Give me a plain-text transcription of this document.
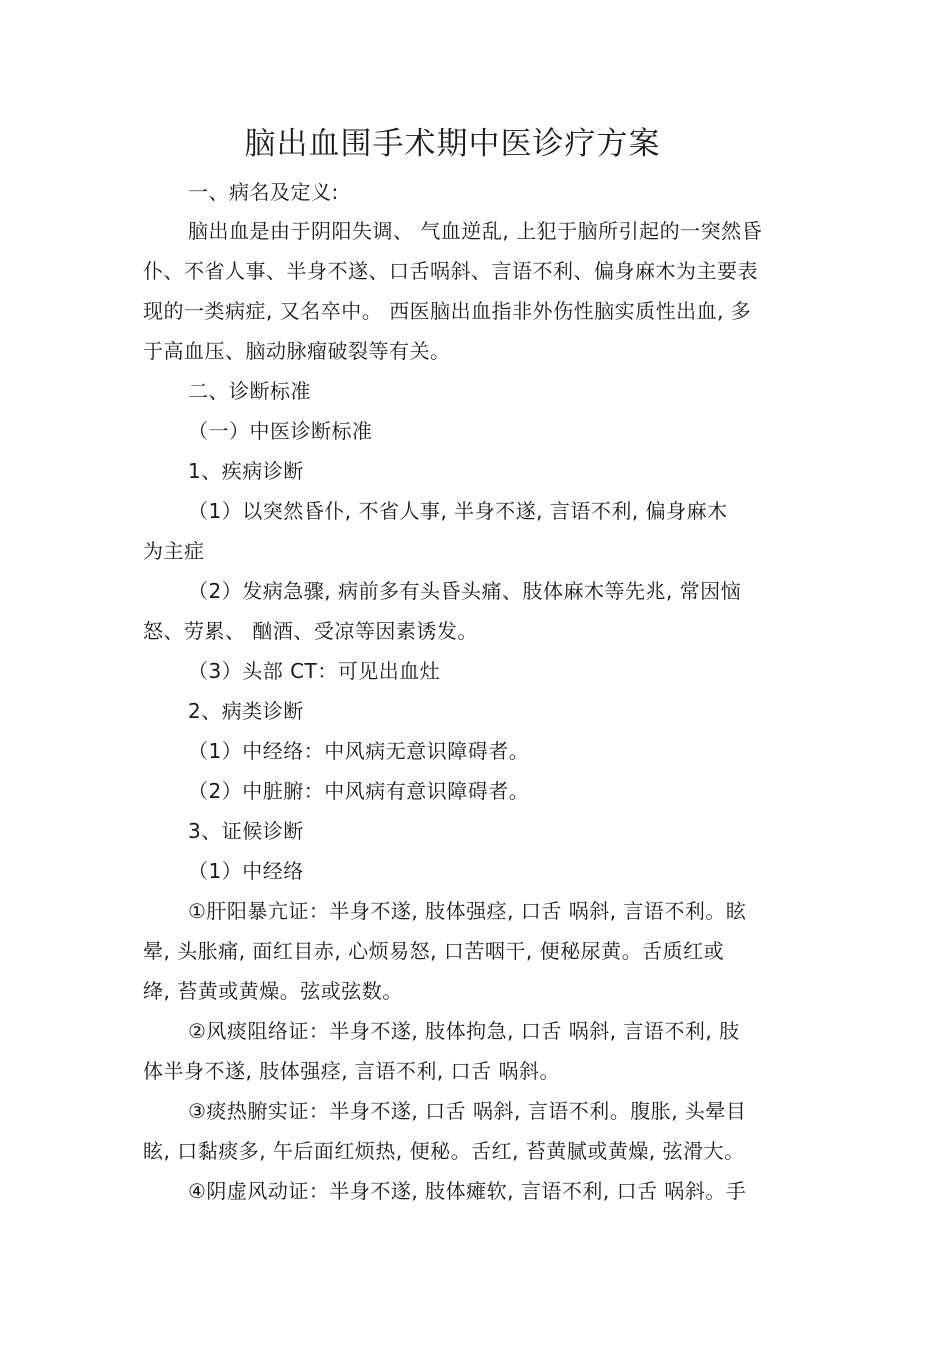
脑出血围手术期中医诊疗方案
一、病名及定义:
脑出血是由于阴阳失调、 气血逆乱, 上犯于脑所引起的一突然昏
仆、不省人事、半身不遂、口舌㖞斜、言语不利、偏身麻木为主要表
现的一类病症, 又名卒中。 西医脑出血指非外伤性脑实质性出血, 多
于高血压、脑动脉瘤破裂等有关。
二、诊断标准
（一）中医诊断标准
1、疾病诊断
（1）以突然昏仆, 不省人事, 半身不遂, 言语不利, 偏身麻木
为主症
（2）发病急骤, 病前多有头昏头痛、肢体麻木等先兆, 常因恼
怒、劳累、 酗酒、受凉等因素诱发。
（3）头部 CT：可见出血灶
2、病类诊断
（1）中经络：中风病无意识障碍者。
（2）中脏腑：中风病有意识障碍者。
3、证候诊断
（1）中经络
①肝阳暴亢证：半身不遂, 肢体强痉, 口舌 㖞斜, 言语不利。眩
晕, 头胀痛, 面红目赤, 心烦易怒, 口苦咽干, 便秘尿黄。舌质红或
绛, 苔黄或黄燥。弦或弦数。
②风痰阻络证：半身不遂, 肢体拘急, 口舌 㖞斜, 言语不利, 肢
体半身不遂, 肢体强痉, 言语不利, 口舌 㖞斜。
③痰热腑实证：半身不遂, 口舌 㖞斜, 言语不利。腹胀, 头晕目
眩, 口黏痰多, 午后面红烦热, 便秘。舌红, 苔黄腻或黄燥, 弦滑大。
④阴虚风动证：半身不遂, 肢体瘫软, 言语不利, 口舌 㖞斜。手
